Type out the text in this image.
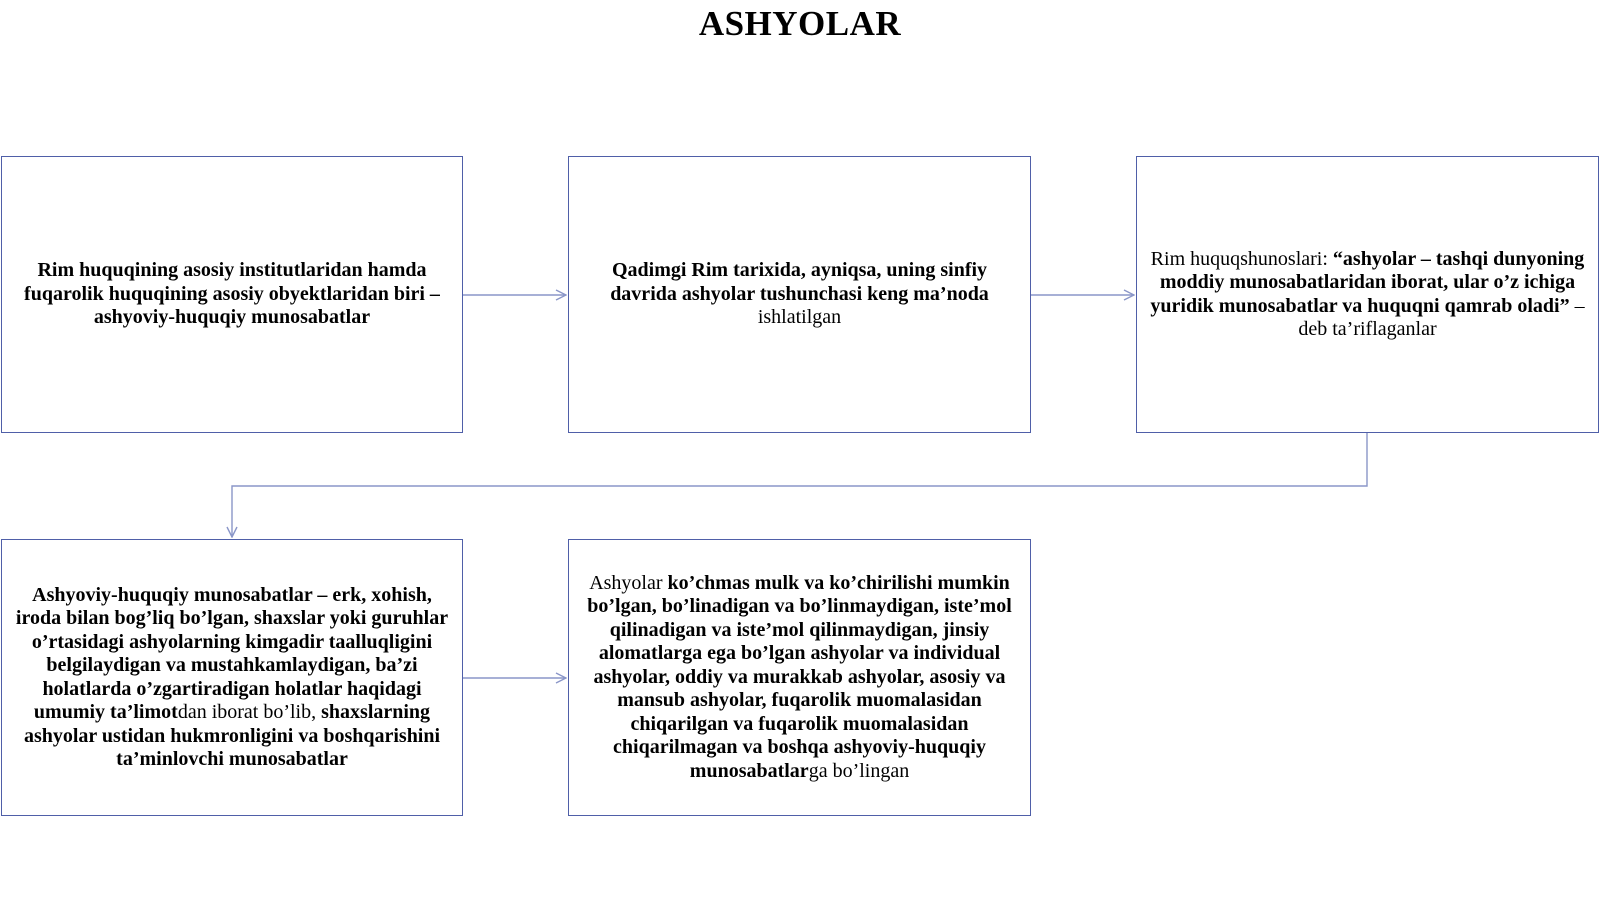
ASHYOLAR
Rim huquqining asosiy institutlaridan hamda fuqarolik huquqining asosiy obyektlaridan biri – ashyoviy-huquqiy munosabatlar
Qadimgi Rim tarixida, ayniqsa, uning sinfiy davrida ashyolar tushunchasi keng ma’noda ishlatilgan
Rim huquqshunoslari: “ashyolar – tashqi dunyoning moddiy munosabatlaridan iborat, ular o’z ichiga yuridik munosabatlar va huquqni qamrab oladi” – deb ta’riflaganlar
Ashyoviy-huquqiy munosabatlar – erk, xohish, iroda bilan bog’liq bo’lgan, shaxslar yoki guruhlar o’rtasidagi ashyolarning kimgadir taalluqligini belgilaydigan va mustahkamlaydigan, ba’zi holatlarda o’zgartiradigan holatlar haqidagi umumiy ta’limotdan iborat bo’lib, shaxslarning ashyolar ustidan hukmronligini va boshqarishini ta’minlovchi munosabatlar
Ashyolar ko’chmas mulk va ko’chirilishi mumkin bo’lgan, bo’linadigan va bo’linmaydigan, iste’mol qilinadigan va iste’mol qilinmaydigan, jinsiy alomatlarga ega bo’lgan ashyolar va individual ashyolar, oddiy va murakkab ashyolar, asosiy va mansub ashyolar, fuqarolik muomalasidan chiqarilgan va fuqarolik muomalasidan chiqarilmagan va boshqa ashyoviy-huquqiy munosabatlarga bo’lingan
